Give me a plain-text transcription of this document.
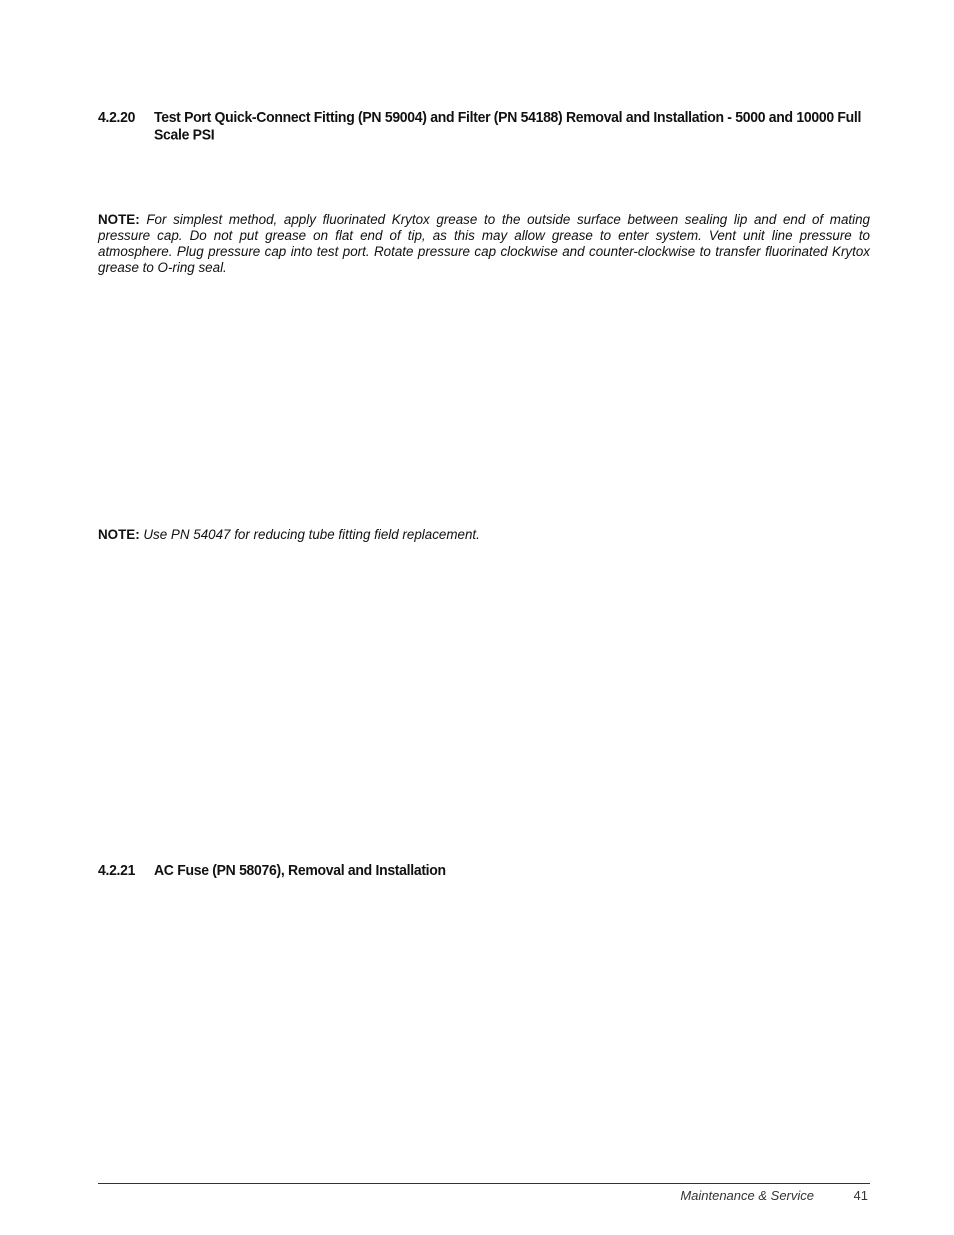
4.2.20	Test Port Quick-Connect Fitting (PN 59004) and Filter (PN 54188) Removal and Installation - 5000 and 10000 Full Scale PSI
NOTE: For simplest method, apply fluorinated Krytox grease to the outside surface between sealing lip and end of mating pressure cap. Do not put grease on flat end of tip, as this may allow grease to enter system. Vent unit line pressure to atmosphere. Plug pressure cap into test port. Rotate pressure cap clockwise and counter-clockwise to transfer fluorinated Krytox grease to O-ring seal.
NOTE: Use PN 54047 for reducing tube fitting field replacement.
4.2.21	AC Fuse (PN 58076), Removal and Installation
Maintenance & Service	41
